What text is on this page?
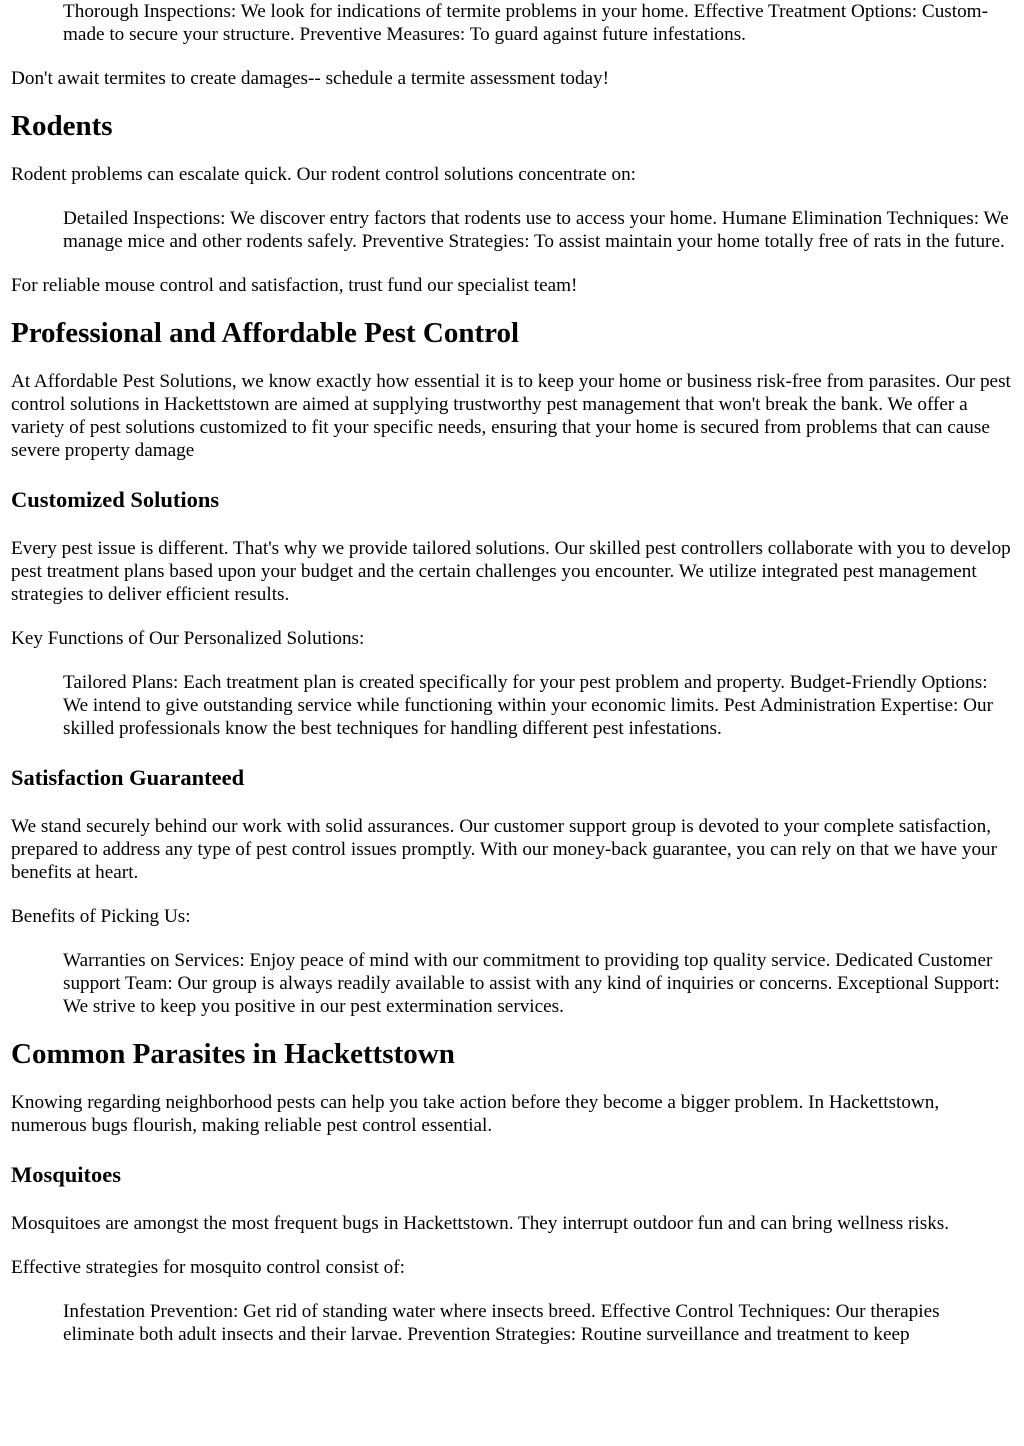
Thorough Inspections: We look for indications of termite problems in your home. Effective Treatment Options: Custom-made to secure your structure. Preventive Measures: To guard against future infestations.

Don't await termites to create damages-- schedule a termite assessment today!

Rodents

Rodent problems can escalate quick. Our rodent control solutions concentrate on:

Detailed Inspections: We discover entry factors that rodents use to access your home. Humane Elimination Techniques: We manage mice and other rodents safely. Preventive Strategies: To assist maintain your home totally free of rats in the future.

For reliable mouse control and satisfaction, trust fund our specialist team!

Professional and Affordable Pest Control

At Affordable Pest Solutions, we know exactly how essential it is to keep your home or business risk-free from parasites. Our pest control solutions in Hackettstown are aimed at supplying trustworthy pest management that won't break the bank. We offer a variety of pest solutions customized to fit your specific needs, ensuring that your home is secured from problems that can cause severe property damage

Customized Solutions

Every pest issue is different. That's why we provide tailored solutions. Our skilled pest controllers collaborate with you to develop pest treatment plans based upon your budget and the certain challenges you encounter. We utilize integrated pest management strategies to deliver efficient results.

Key Functions of Our Personalized Solutions:

Tailored Plans: Each treatment plan is created specifically for your pest problem and property. Budget-Friendly Options: We intend to give outstanding service while functioning within your economic limits. Pest Administration Expertise: Our skilled professionals know the best techniques for handling different pest infestations.

Satisfaction Guaranteed

We stand securely behind our work with solid assurances. Our customer support group is devoted to your complete satisfaction, prepared to address any type of pest control issues promptly. With our money-back guarantee, you can rely on that we have your benefits at heart.

Benefits of Picking Us:

Warranties on Services: Enjoy peace of mind with our commitment to providing top quality service. Dedicated Customer support Team: Our group is always readily available to assist with any kind of inquiries or concerns. Exceptional Support: We strive to keep you positive in our pest extermination services.

Common Parasites in Hackettstown

Knowing regarding neighborhood pests can help you take action before they become a bigger problem. In Hackettstown, numerous bugs flourish, making reliable pest control essential.

Mosquitoes

Mosquitoes are amongst the most frequent bugs in Hackettstown. They interrupt outdoor fun and can bring wellness risks.

Effective strategies for mosquito control consist of:

Infestation Prevention: Get rid of standing water where insects breed. Effective Control Techniques: Our therapies eliminate both adult insects and their larvae. Prevention Strategies: Routine surveillance and treatment to keep
